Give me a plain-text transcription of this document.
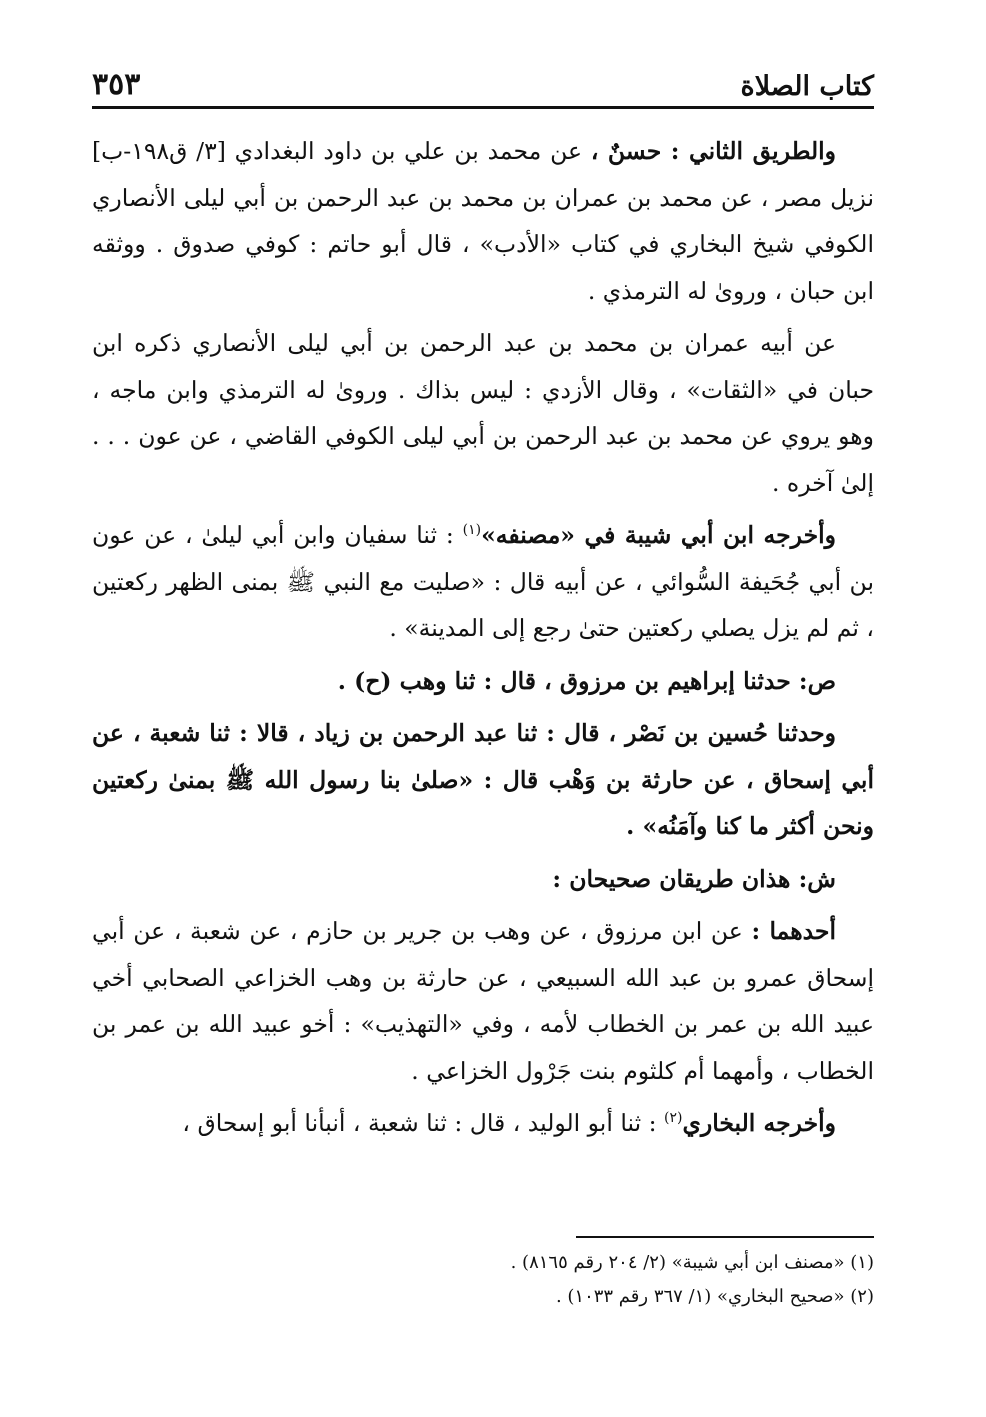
كتاب الصلاة
٣٥٣

والطريق الثاني : حسنٌ ، عن محمد بن علي بن داود البغدادي [٣/ ق١٩٨-ب] نزيل مصر ، عن محمد بن عمران بن محمد بن عبد الرحمن بن أبي ليلى الأنصاري الكوفي شيخ البخاري في كتاب «الأدب» ، قال أبو حاتم : كوفي صدوق . ووثقه ابن حبان ، وروىٰ له الترمذي .

عن أبيه عمران بن محمد بن عبد الرحمن بن أبي ليلى الأنصاري ذكره ابن حبان في «الثقات» ، وقال الأزدي : ليس بذاك . وروىٰ له الترمذي وابن ماجه ، وهو يروي عن محمد بن عبد الرحمن بن أبي ليلى الكوفي القاضي ، عن عون . . . إلىٰ آخره .

وأخرجه ابن أبي شيبة في «مصنفه»$^{(١)}$ : ثنا سفيان وابن أبي ليلىٰ ، عن عون بن أبي جُحَيفة السُّوائي ، عن أبيه قال : «صليت مع النبي ﷺ بمنى الظهر ركعتين ، ثم لم يزل يصلي ركعتين حتىٰ رجع إلى المدينة» .

ص: حدثنا إبراهيم بن مرزوق ، قال : ثنا وهب (ح) .

وحدثنا حُسين بن نَصْر ، قال : ثنا عبد الرحمن بن زياد ، قالا : ثنا شعبة ، عن أبي إسحاق ، عن حارثة بن وَهْب قال : «صلىٰ بنا رسول الله ﷺ بمنىٰ ركعتين ونحن أكثر ما كنا وآمَنُه» .

ش: هذان طريقان صحيحان :

أحدهما : عن ابن مرزوق ، عن وهب بن جرير بن حازم ، عن شعبة ، عن أبي إسحاق عمرو بن عبد الله السبيعي ، عن حارثة بن وهب الخزاعي الصحابي أخي عبيد الله بن عمر بن الخطاب لأمه ، وفي «التهذيب» : أخو عبيد الله بن عمر بن الخطاب ، وأمهما أم كلثوم بنت جَرْول الخزاعي .

وأخرجه البخاري$^{(٢)}$ : ثنا أبو الوليد ، قال : ثنا شعبة ، أنبأنا أبو إسحاق ،

(١) «مصنف ابن أبي شيبة» (٢/ ٢٠٤ رقم ٨١٦٥) .

(٢) «صحيح البخاري» (١/ ٣٦٧ رقم ١٠٣٣) .
